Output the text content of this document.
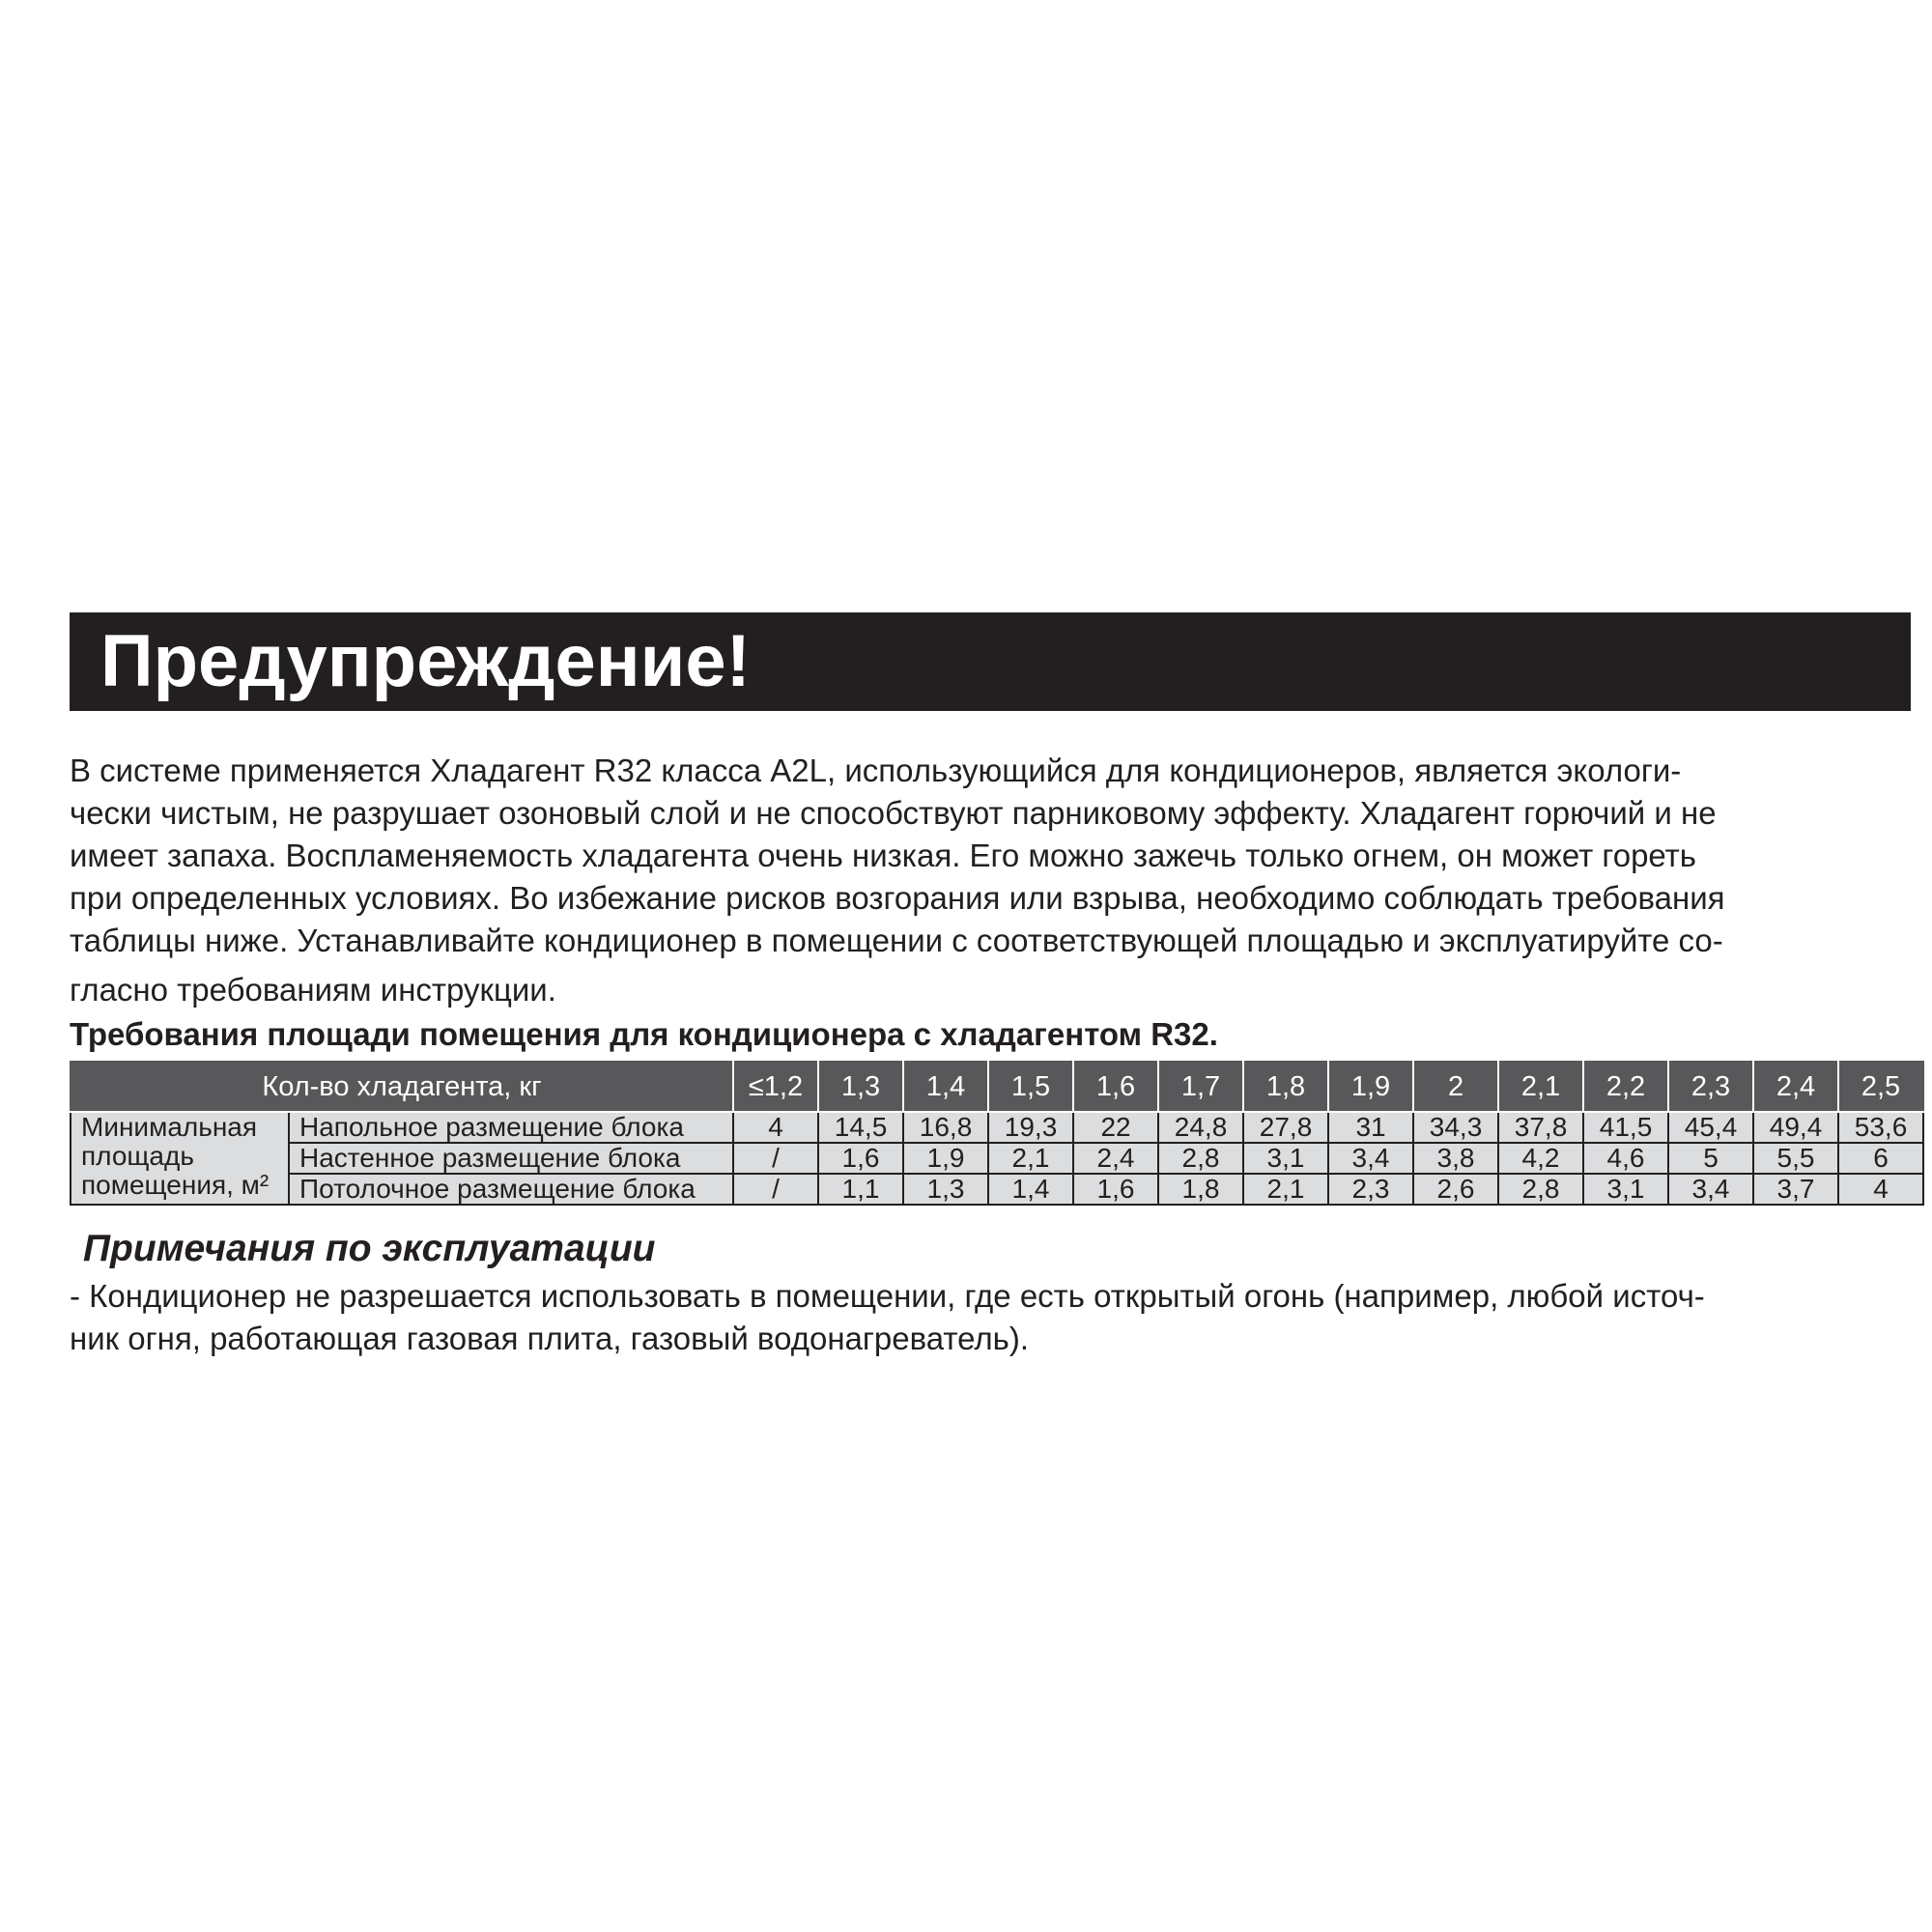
Предупреждение!
В системе применяется Хладагент R32 класса A2L, использующийся для кондиционеров, является экологи-
чески чистым, не разрушает озоновый слой и не способствуют парниковому эффекту. Хладагент горючий и не
имеет запаха. Воспламеняемость хладагента очень низкая. Его можно зажечь только огнем, он может гореть
при определенных условиях. Во избежание рисков возгорания или взрыва, необходимо соблюдать требования
таблицы ниже. Устанавливайте кондиционер в помещении с соответствующей площадью и эксплуатируйте со-
гласно требованиям инструкции.
Требования площади помещения для кондиционера с хладагентом R32.
Кол-во хладагента, кг		≤1,2	1,3	1,4	1,5	1,6	1,7	1,8	1,9	2	2,1	2,2	2,3	2,4	2,5
Минимальная площадь помещения, м²	Напольное размещение блока	4	14,5	16,8	19,3	22	24,8	27,8	31	34,3	37,8	41,5	45,4	49,4	53,6
	Настенное размещение блока	/	1,6	1,9	2,1	2,4	2,8	3,1	3,4	3,8	4,2	4,6	5	5,5	6
	Потолочное размещение блока	/	1,1	1,3	1,4	1,6	1,8	2,1	2,3	2,6	2,8	3,1	3,4	3,7	4
Примечания по эксплуатации
- Кондиционер не разрешается использовать в помещении, где есть открытый огонь (например, любой источ-
ник огня, работающая газовая плита, газовый водонагреватель).
